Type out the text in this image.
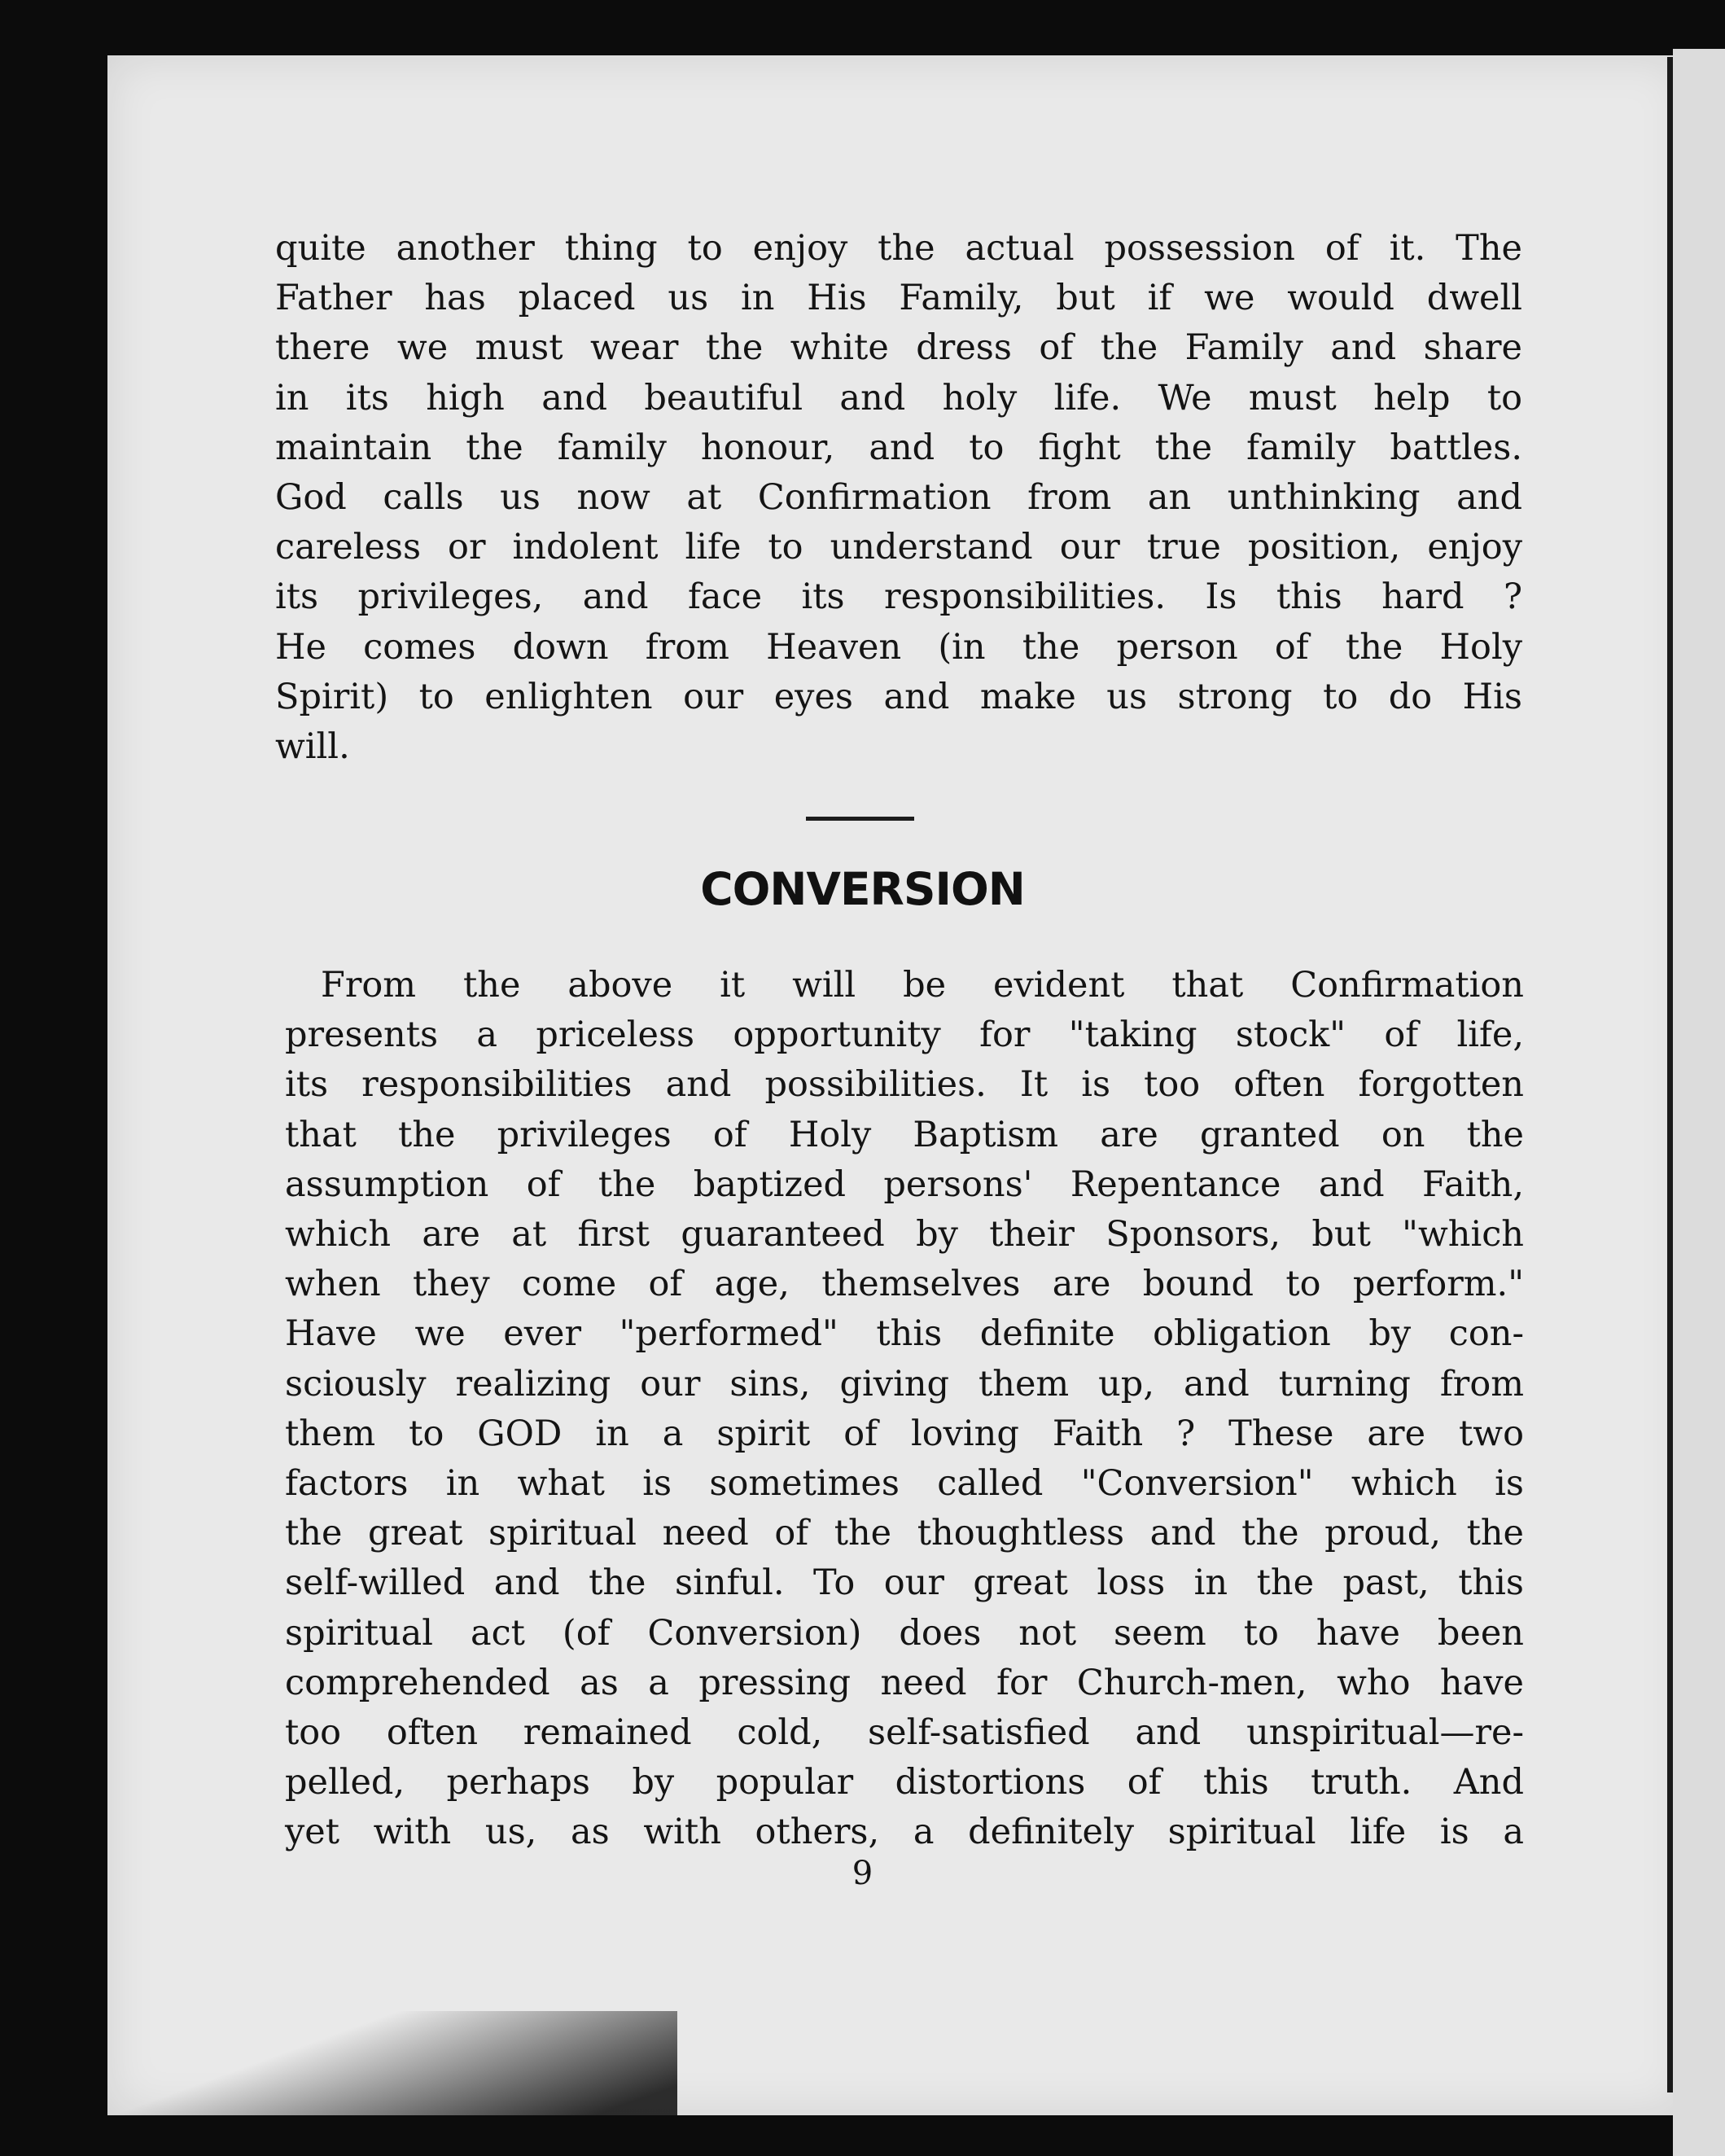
quite another thing to enjoy the actual possession of it. The
Father has placed us in His Family, but if we would dwell
there we must wear the white dress of the Family and share
in its high and beautiful and holy life. We must help to
maintain the family honour, and to fight the family battles.
God calls us now at Confirmation from an unthinking and
careless or indolent life to understand our true position, enjoy
its privileges, and face its responsibilities. Is this hard ?
He comes down from Heaven (in the person of the Holy
Spirit) to enlighten our eyes and make us strong to do His
will.
CONVERSION
From the above it will be evident that Confirmation
presents a priceless opportunity for "taking stock" of life,
its responsibilities and possibilities. It is too often forgotten
that the privileges of Holy Baptism are granted on the
assumption of the baptized persons' Repentance and Faith,
which are at first guaranteed by their Sponsors, but "which
when they come of age, themselves are bound to perform."
Have we ever "performed" this definite obligation by con-
sciously realizing our sins, giving them up, and turning from
them to GOD in a spirit of loving Faith ? These are two
factors in what is sometimes called "Conversion" which is
the great spiritual need of the thoughtless and the proud, the
self-willed and the sinful. To our great loss in the past, this
spiritual act (of Conversion) does not seem to have been
comprehended as a pressing need for Church-men, who have
too often remained cold, self-satisfied and unspiritual—re-
pelled, perhaps by popular distortions of this truth. And
yet with us, as with others, a definitely spiritual life is a
9
